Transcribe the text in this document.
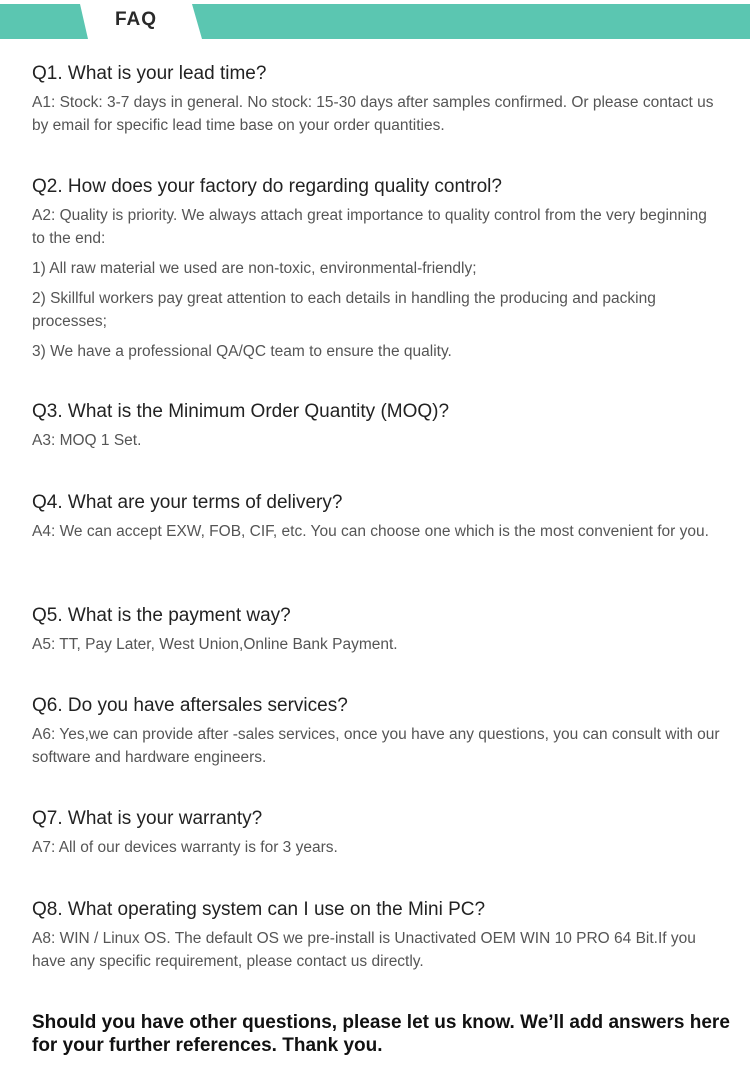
FAQ
Q1. What is your lead time?
A1: Stock: 3-7 days in general. No stock: 15-30 days after samples confirmed. Or please contact us by email for specific lead time base on your order quantities.
Q2. How does your factory do regarding quality control?
A2: Quality is priority. We always attach great importance to quality control from the very beginning to the end:
1) All raw material we used are non-toxic, environmental-friendly;
2) Skillful workers pay great attention to each details in handling the producing and packing processes;
3) We have a professional QA/QC team to ensure the quality.
Q3. What is the Minimum Order Quantity (MOQ)?
A3: MOQ 1 Set.
Q4. What are your terms of delivery?
A4: We can accept EXW, FOB, CIF, etc. You can choose one which is the most convenient for you.
Q5. What is the payment way?
A5: TT, Pay Later, West Union,Online Bank Payment.
Q6. Do you have aftersales services?
A6: Yes,we can provide after -sales services, once you have any questions, you can consult with our software and hardware engineers.
Q7. What is your warranty?
A7: All of our devices warranty is for 3 years.
Q8. What operating system can I use on the Mini PC?
A8: WIN / Linux OS. The default OS we pre-install is Unactivated OEM WIN 10 PRO 64 Bit.If you have any specific requirement, please contact us directly.
Should you have other questions, please let us know. We’ll add answers here for your further references. Thank you.
